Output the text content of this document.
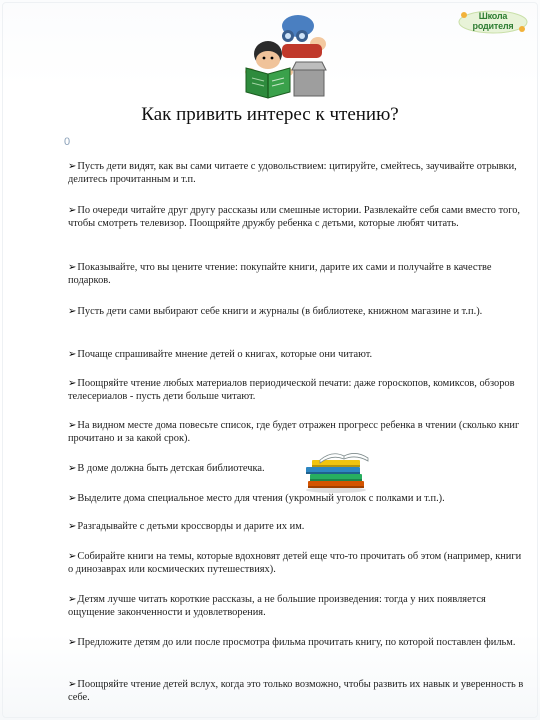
Школа родителя
Как привить интерес к чтению?
0
➢Пусть дети видят, как вы сами читаете с удовольствием: цитируйте, смейтесь, заучивайте отрывки, делитесь прочитанным и т.п.
➢По очереди читайте друг другу рассказы или смешные истории. Развлекайте себя сами вместо того, чтобы смотреть телевизор. Поощряйте дружбу ребенка с детьми, которые любят читать.
➢Показывайте, что вы цените чтение: покупайте книги, дарите их сами и получайте в качестве подарков.
➢Пусть дети сами выбирают себе книги и журналы (в библиотеке, книжном магазине и т.п.).
➢Почаще спрашивайте мнение детей о книгах, которые они читают.
➢Поощряйте чтение любых материалов периодической печати: даже гороскопов, комиксов, обзоров телесериалов - пусть дети больше читают.
➢На видном месте дома повесьте список, где будет отражен прогресс ребенка в чтении (сколько книг прочитано и за какой срок).
➢В доме должна быть детская библиотечка.
➢Выделите дома специальное место для чтения (укромный уголок с полками и т.п.).
➢Разгадывайте с детьми кроссворды и дарите их им.
➢Собирайте книги на темы, которые вдохновят детей еще что-то прочитать об этом (например, книги о динозаврах или космических путешествиях).
➢Детям лучше читать короткие рассказы, а не большие произведения: тогда у них появляется ощущение законченности и удовлетворения.
➢Предложите детям до или после просмотра фильма прочитать книгу, по которой поставлен фильм.
➢Поощряйте чтение детей вслух, когда это только возможно, чтобы развить их навык и уверенность в себе.
